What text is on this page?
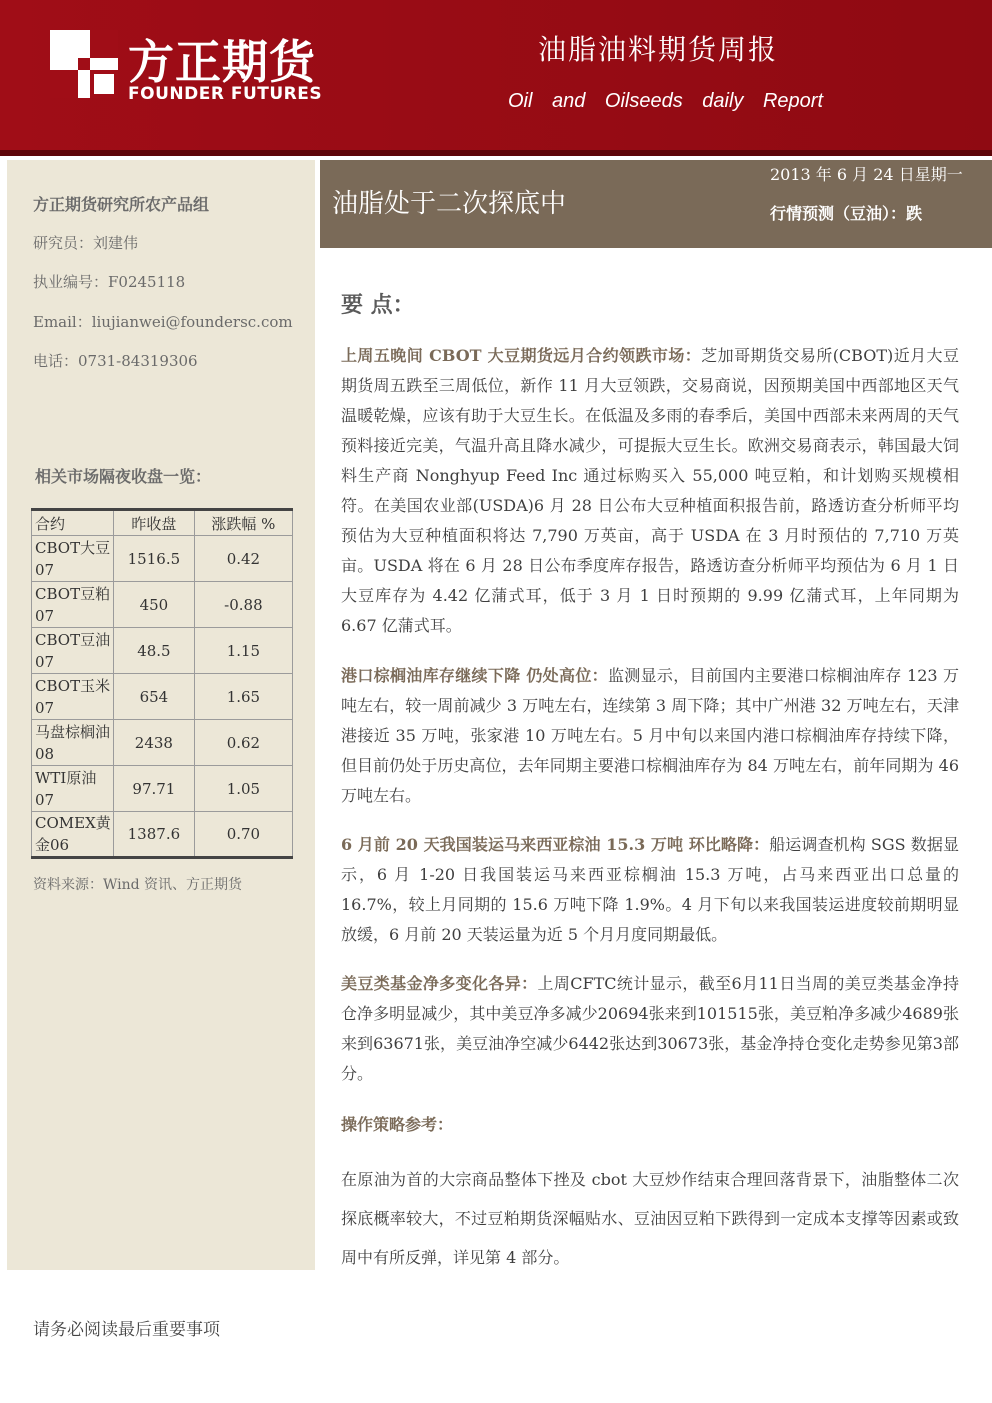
方正期货
FOUNDER FUTURES
油脂油料期货周报
Oil and Oilseeds daily Report
方正期货研究所农产品组
研究员：刘建伟
执业编号：F0245118
Email：liujianwei@foundersc.com
电话：0731-84319306
相关市场隔夜收盘一览：
合约	昨收盘	涨跌幅 %
CBOT大豆07	1516.5	0.42
CBOT豆粕07	450	-0.88
CBOT豆油07	48.5	1.15
CBOT玉米07	654	1.65
马盘棕榈油08	2438	0.62
WTI原油07	97.71	1.05
COMEX黄金06	1387.6	0.70
资料来源：Wind 资讯、方正期货
油脂处于二次探底中
2013 年 6 月 24 日星期一
行情预测（豆油）：跌
要 点：

上周五晚间 CBOT 大豆期货远月合约领跌市场：芝加哥期货交易所(CBOT)近月大豆期货周五跌至三周低位，新作 11 月大豆领跌，交易商说，因预期美国中西部地区天气温暖乾燥，应该有助于大豆生长。在低温及多雨的春季后，美国中西部未来两周的天气预料接近完美，气温升高且降水减少，可提振大豆生长。欧洲交易商表示，韩国最大饲料生产商 Nonghyup Feed Inc 通过标购买入 55,000 吨豆粕，和计划购买规模相符。在美国农业部(USDA)6 月 28 日公布大豆种植面积报告前，路透访查分析师平均预估为大豆种植面积将达 7,790 万英亩，高于 USDA 在 3 月时预估的 7,710 万英亩。USDA 将在 6 月 28 日公布季度库存报告，路透访查分析师平均预估为 6 月 1 日大豆库存为 4.42 亿蒲式耳，低于 3 月 1 日时预期的 9.99 亿蒲式耳，上年同期为 6.67 亿蒲式耳。

港口棕榈油库存继续下降 仍处高位：监测显示，目前国内主要港口棕榈油库存 123 万吨左右，较一周前减少 3 万吨左右，连续第 3 周下降；其中广州港 32 万吨左右，天津港接近 35 万吨，张家港 10 万吨左右。5 月中旬以来国内港口棕榈油库存持续下降，但目前仍处于历史高位，去年同期主要港口棕榈油库存为 84 万吨左右，前年同期为 46 万吨左右。

6 月前 20 天我国装运马来西亚棕油 15.3 万吨 环比略降：船运调查机构 SGS 数据显示，6 月 1-20 日我国装运马来西亚棕榈油 15.3 万吨，占马来西亚出口总量的 16.7%，较上月同期的 15.6 万吨下降 1.9%。4 月下旬以来我国装运进度较前期明显放缓，6 月前 20 天装运量为近 5 个月月度同期最低。

美豆类基金净多变化各异：上周CFTC统计显示，截至6月11日当周的美豆类基金净持仓净多明显减少，其中美豆净多减少20694张来到101515张，美豆粕净多减少4689张来到63671张，美豆油净空减少6442张达到30673张，基金净持仓变化走势参见第3部分。

操作策略参考：

在原油为首的大宗商品整体下挫及 cbot 大豆炒作结束合理回落背景下，油脂整体二次探底概率较大，不过豆粕期货深幅贴水、豆油因豆粕下跌得到一定成本支撑等因素或致周中有所反弹，详见第 4 部分。

请务必阅读最后重要事项
